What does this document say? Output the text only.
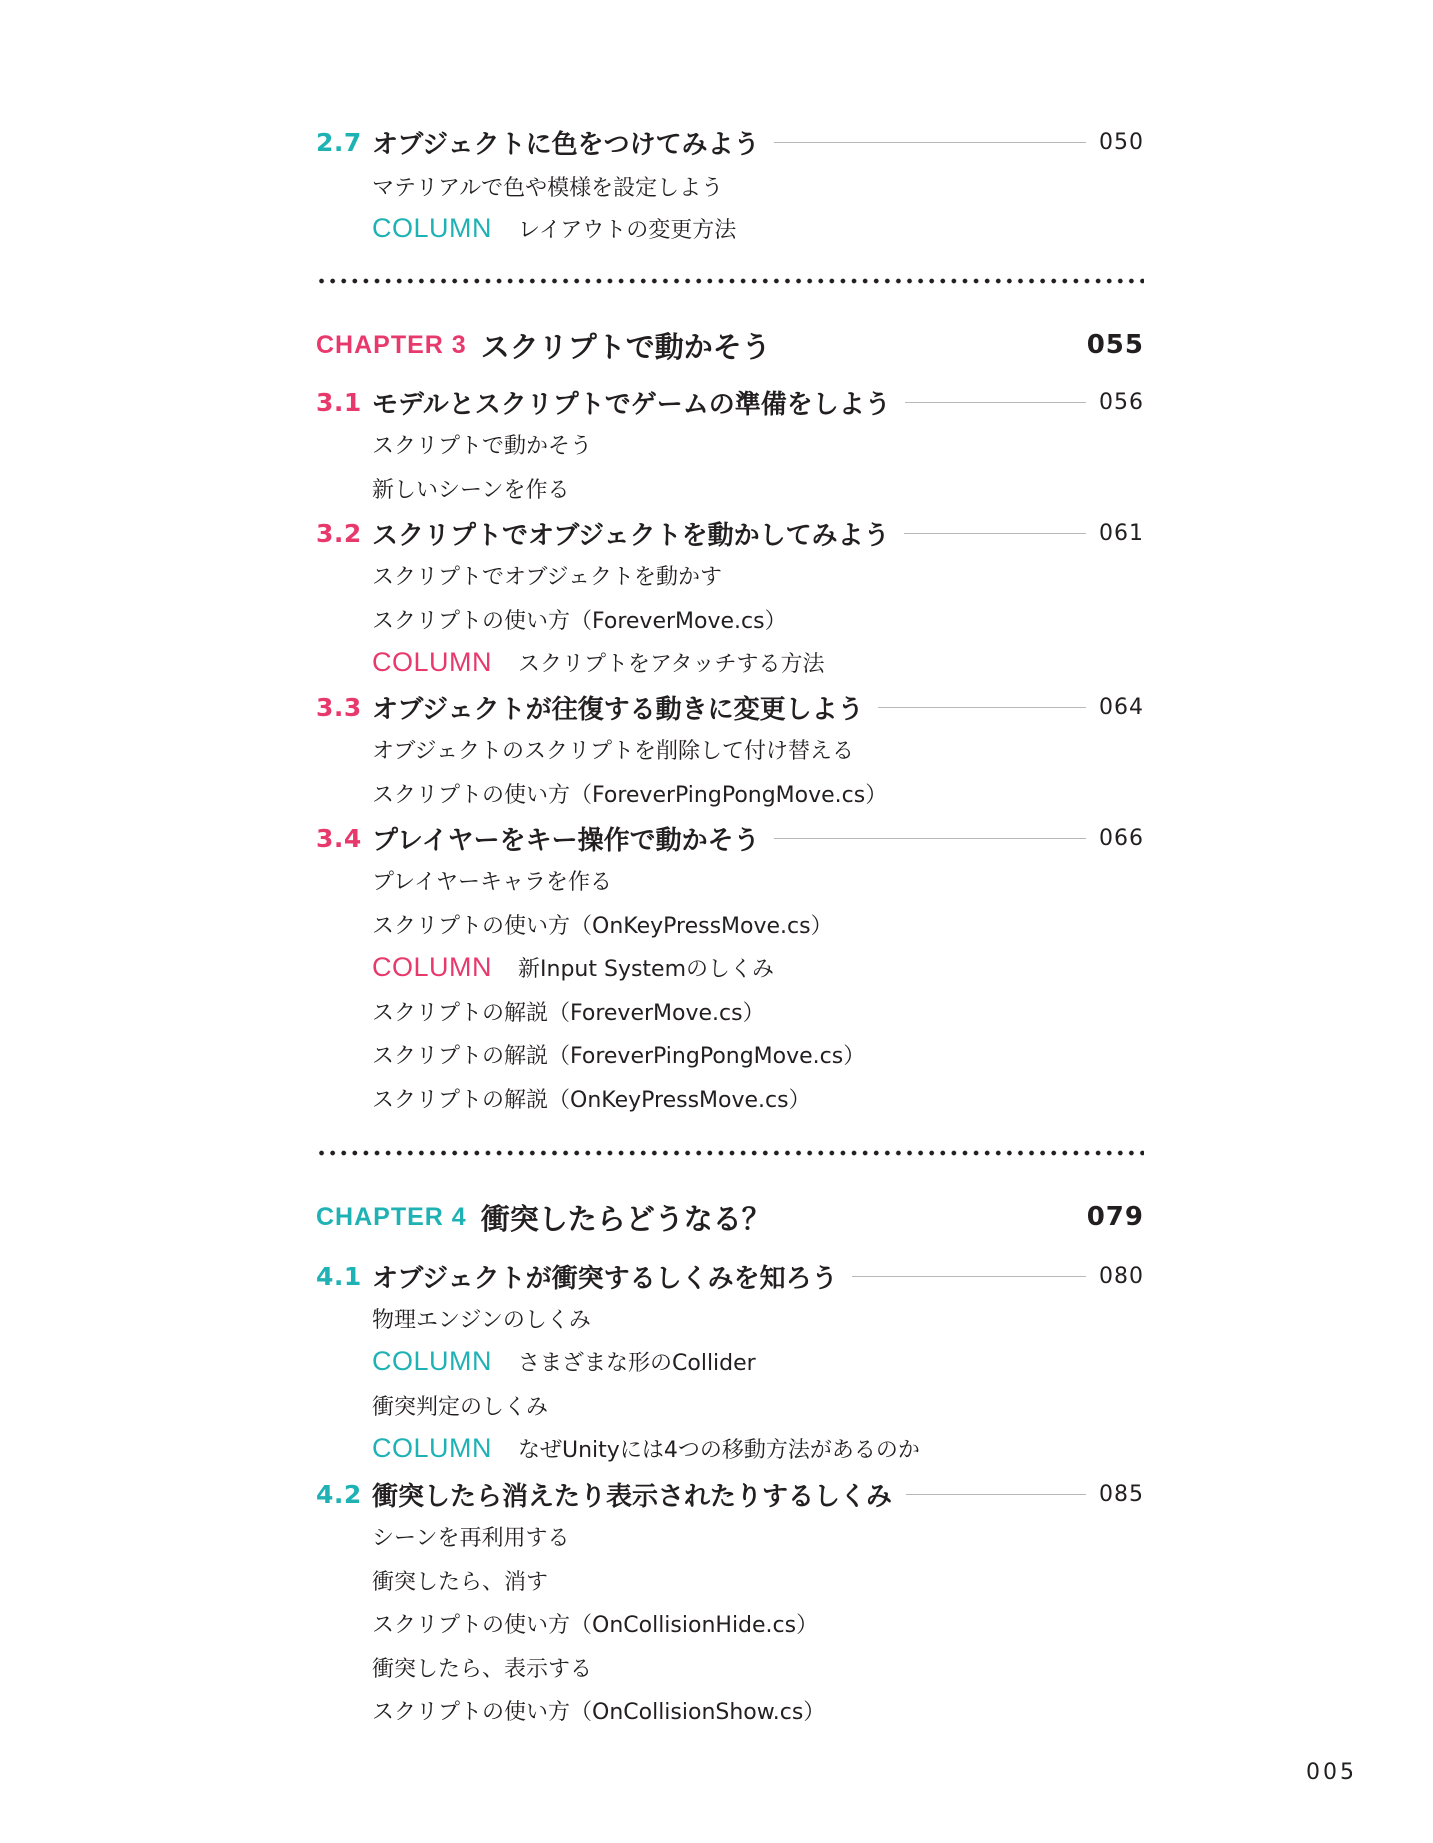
2.7 オブジェクトに色をつけてみよう	050
マテリアルで色や模様を設定しよう
COLUMN レイアウトの変更方法
CHAPTER 3 スクリプトで動かそう	055
3.1 モデルとスクリプトでゲームの準備をしよう	056
スクリプトで動かそう
新しいシーンを作る
3.2 スクリプトでオブジェクトを動かしてみよう	061
スクリプトでオブジェクトを動かす
スクリプトの使い方（ForeverMove.cs）
COLUMN スクリプトをアタッチする方法
3.3 オブジェクトが往復する動きに変更しよう	064
オブジェクトのスクリプトを削除して付け替える
スクリプトの使い方（ForeverPingPongMove.cs）
3.4 プレイヤーをキー操作で動かそう	066
プレイヤーキャラを作る
スクリプトの使い方（OnKeyPressMove.cs）
COLUMN 新Input Systemのしくみ
スクリプトの解説（ForeverMove.cs）
スクリプトの解説（ForeverPingPongMove.cs）
スクリプトの解説（OnKeyPressMove.cs）
CHAPTER 4 衝突したらどうなる？	079
4.1 オブジェクトが衝突するしくみを知ろう	080
物理エンジンのしくみ
COLUMN さまざまな形のCollider
衝突判定のしくみ
COLUMN なぜUnityには4つの移動方法があるのか
4.2 衝突したら消えたり表示されたりするしくみ	085
シーンを再利用する
衝突したら、消す
スクリプトの使い方（OnCollisionHide.cs）
衝突したら、表示する
スクリプトの使い方（OnCollisionShow.cs）
005
